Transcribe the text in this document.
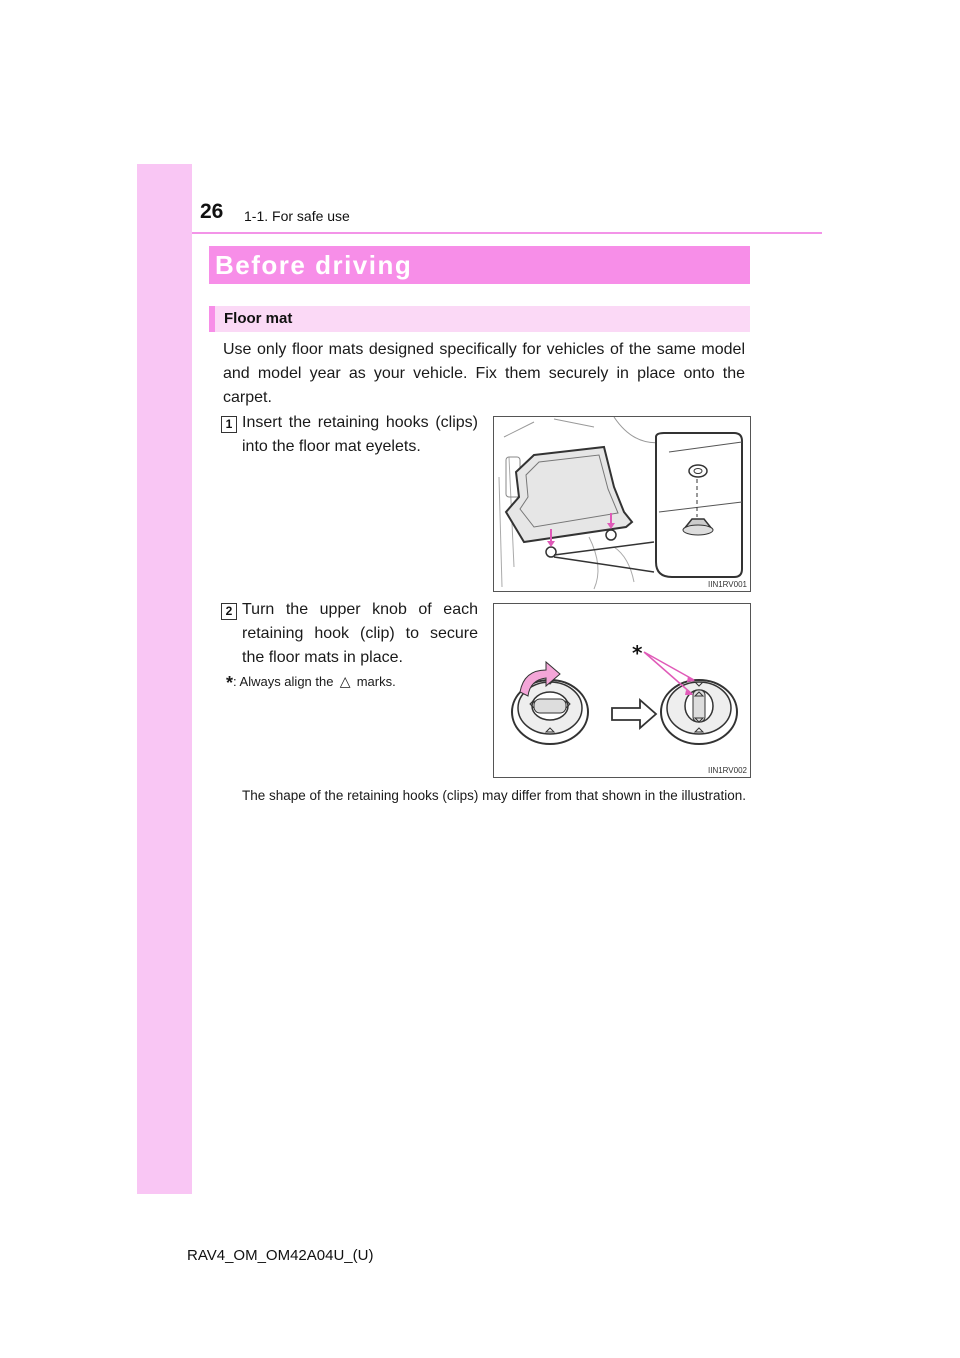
26 1-1. For safe use
Before driving
Floor mat
Use only floor mats designed specifically for vehicles of the same model and model year as your vehicle. Fix them securely in place onto the carpet.
1 Insert the retaining hooks (clips) into the floor mat eyelets.
IIN1RV001
2 Turn the upper knob of each retaining hook (clip) to secure the floor mats in place.
*: Always align the △ marks.
*
IIN1RV002
The shape of the retaining hooks (clips) may differ from that shown in the illustration.
RAV4_OM_OM42A04U_(U)
